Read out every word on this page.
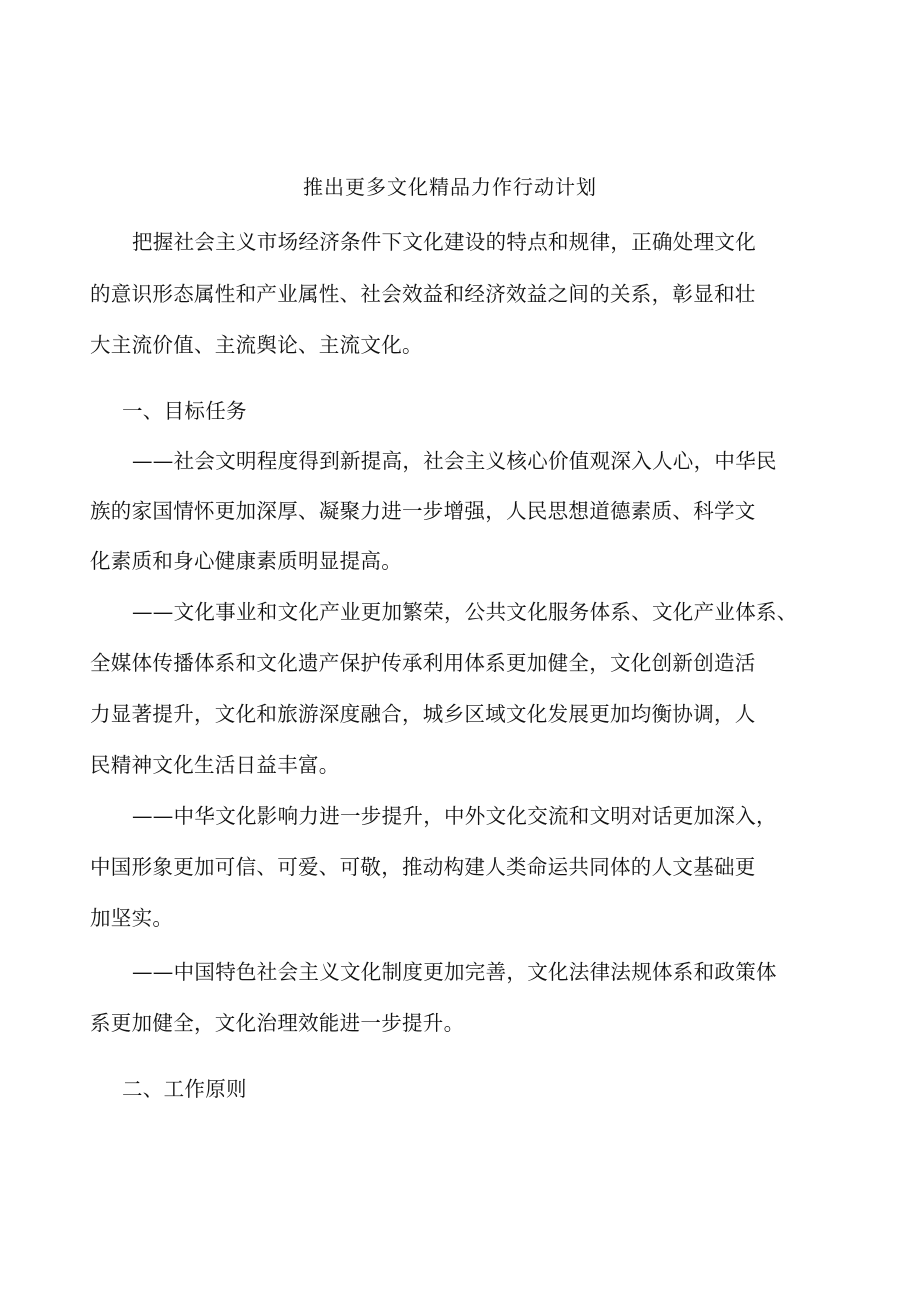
推出更多文化精品力作行动计划
把握社会主义市场经济条件下文化建设的特点和规律，正确处理文化
的意识形态属性和产业属性、社会效益和经济效益之间的关系，彰显和壮
大主流价值、主流舆论、主流文化。
一、目标任务
——社会文明程度得到新提高，社会主义核心价值观深入人心，中华民
族的家国情怀更加深厚、凝聚力进一步增强，人民思想道德素质、科学文
化素质和身心健康素质明显提高。
——文化事业和文化产业更加繁荣，公共文化服务体系、文化产业体系、
全媒体传播体系和文化遗产保护传承利用体系更加健全，文化创新创造活
力显著提升，文化和旅游深度融合，城乡区域文化发展更加均衡协调，人
民精神文化生活日益丰富。
——中华文化影响力进一步提升，中外文化交流和文明对话更加深入，
中国形象更加可信、可爱、可敬，推动构建人类命运共同体的人文基础更
加坚实。
——中国特色社会主义文化制度更加完善，文化法律法规体系和政策体
系更加健全，文化治理效能进一步提升。
二、工作原则
